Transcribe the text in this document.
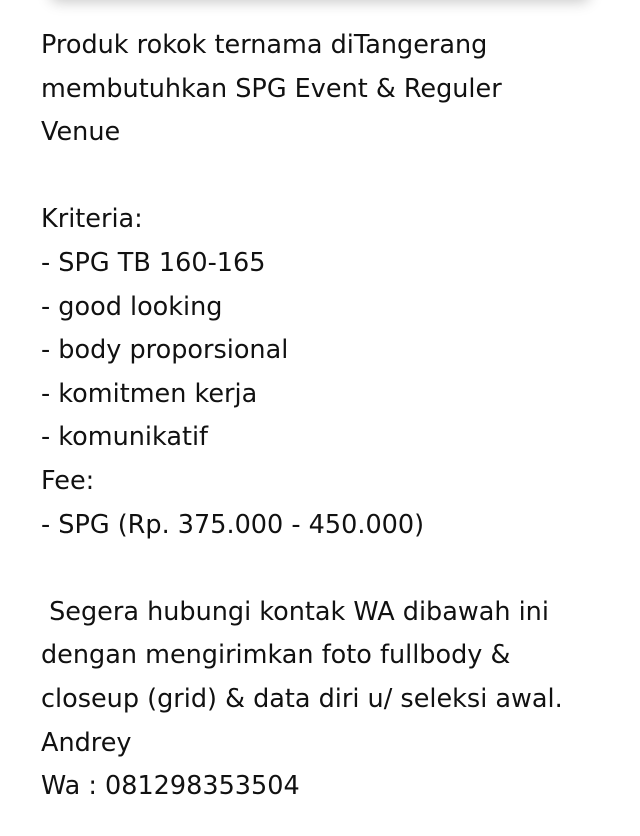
Produk rokok ternama diTangerang
membutuhkan SPG Event & Reguler
Venue
Kriteria:
- SPG TB 160-165
- good looking
- body proporsional
- komitmen kerja
- komunikatif
Fee:
- SPG (Rp. 375.000 - 450.000)
Segera hubungi kontak WA dibawah ini
dengan mengirimkan foto fullbody &
closeup (grid) & data diri u/ seleksi awal.
Andrey
Wa : 081298353504
